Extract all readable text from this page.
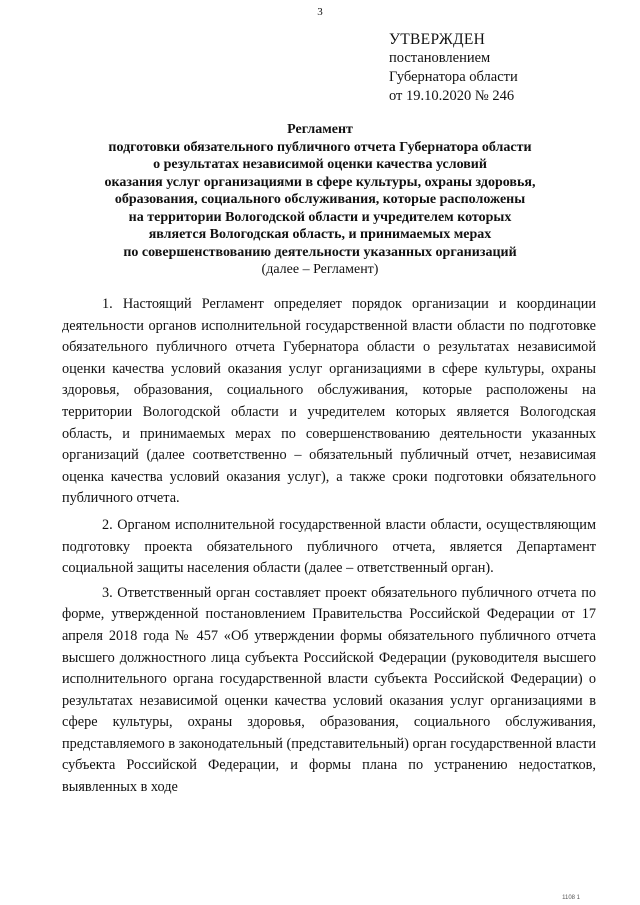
3
УТВЕРЖДЕН
постановлением
Губернатора области
от 19.10.2020 № 246
Регламент
подготовки обязательного публичного отчета Губернатора области
о результатах независимой оценки качества условий
оказания услуг организациями в сфере культуры, охраны здоровья,
образования, социального обслуживания, которые расположены
на территории Вологодской области и учредителем которых
является Вологодская область, и принимаемых мерах
по совершенствованию деятельности указанных организаций
(далее – Регламент)

1. Настоящий Регламент определяет порядок организации и координации деятельности органов исполнительной государственной власти области по подготовке обязательного публичного отчета Губернатора области о результатах независимой оценки качества условий оказания услуг организациями в сфере культуры, охраны здоровья, образования, социального обслуживания, которые расположены на территории Вологодской области и учредителем которых является Вологодская область, и принимаемых мерах по совершенствованию деятельности указанных организаций (далее соответственно – обязательный публичный отчет, независимая оценка качества условий оказания услуг), а также сроки подготовки обязательного публичного отчета.

2. Органом исполнительной государственной власти области, осуществляющим подготовку проекта обязательного публичного отчета, является Департамент социальной защиты населения области (далее – ответственный орган).

3. Ответственный орган составляет проект обязательного публичного отчета по форме, утвержденной постановлением Правительства Российской Федерации от 17 апреля 2018 года № 457 «Об утверждении формы обязательного публичного отчета высшего должностного лица субъекта Российской Федерации (руководителя высшего исполнительного органа государственной власти субъекта Российской Федерации) о результатах независимой оценки качества условий оказания услуг организациями в сфере культуры, охраны здоровья, образования, социального обслуживания, представляемого в законодательный (представительный) орган государственной власти субъекта Российской Федерации, и формы плана по устранению недостатков, выявленных в ходе

1108 1
